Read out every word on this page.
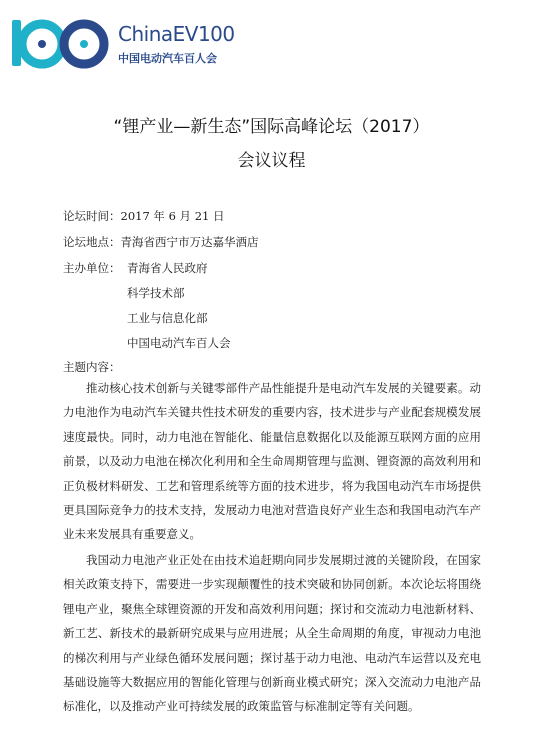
ChinaEV100
中国电动汽车百人会
“锂产业—新生态”国际高峰论坛（2017）
会议议程
论坛时间：2017 年 6 月 21 日
论坛地点：青海省西宁市万达嘉华酒店
主办单位： 青海省人民政府
科学技术部
工业与信息化部
中国电动汽车百人会
主题内容：

推动核心技术创新与关键零部件产品性能提升是电动汽车发展的关键要素。动力电池作为电动汽车关键共性技术研发的重要内容，技术进步与产业配套规模发展速度最快。同时，动力电池在智能化、能量信息数据化以及能源互联网方面的应用前景，以及动力电池在梯次化利用和全生命周期管理与监测、锂资源的高效利用和正负极材料研发、工艺和管理系统等方面的技术进步，将为我国电动汽车市场提供更具国际竞争力的技术支持，发展动力电池对营造良好产业生态和我国电动汽车产业未来发展具有重要意义。

我国动力电池产业正处在由技术追赶期向同步发展期过渡的关键阶段，在国家相关政策支持下，需要进一步实现颠覆性的技术突破和协同创新。本次论坛将围绕锂电产业，聚焦全球锂资源的开发和高效利用问题；探讨和交流动力电池新材料、新工艺、新技术的最新研究成果与应用进展；从全生命周期的角度，审视动力电池的梯次利用与产业绿色循环发展问题；探讨基于动力电池、电动汽车运营以及充电基础设施等大数据应用的智能化管理与创新商业模式研究；深入交流动力电池产品标准化，以及推动产业可持续发展的政策监管与标准制定等有关问题。
